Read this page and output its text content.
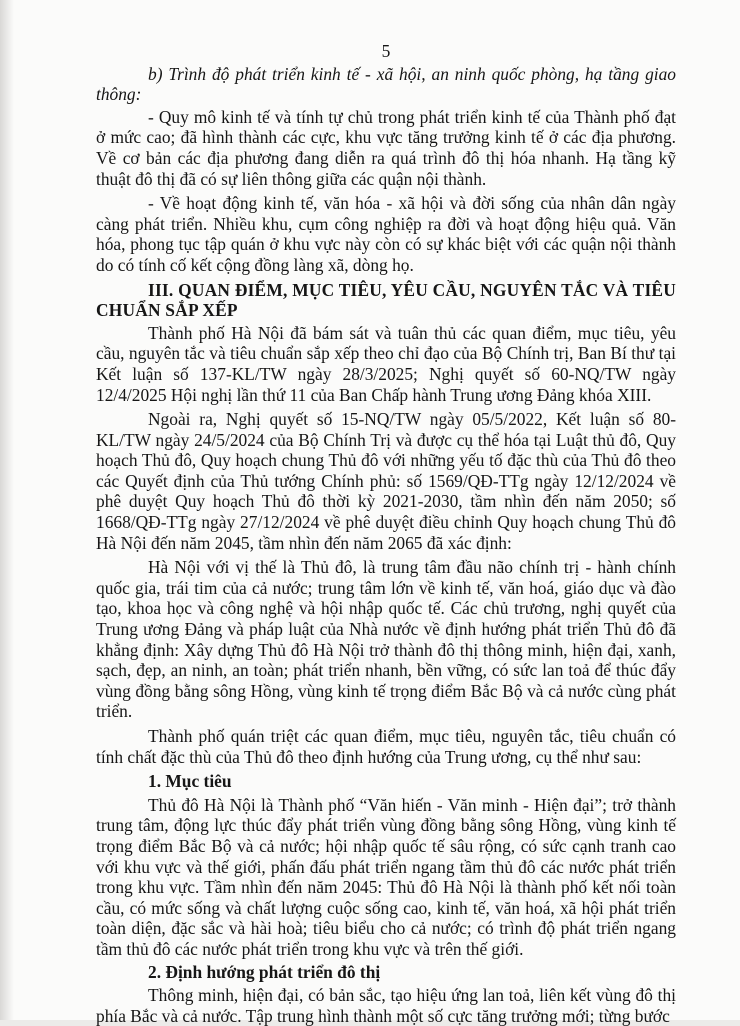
5

b) Trình độ phát triển kinh tế - xã hội, an ninh quốc phòng, hạ tầng giao thông:

- Quy mô kinh tế và tính tự chủ trong phát triển kinh tế của Thành phố đạt ở mức cao; đã hình thành các cực, khu vực tăng trưởng kinh tế ở các địa phương. Về cơ bản các địa phương đang diễn ra quá trình đô thị hóa nhanh. Hạ tầng kỹ thuật đô thị đã có sự liên thông giữa các quận nội thành.

- Về hoạt động kinh tế, văn hóa - xã hội và đời sống của nhân dân ngày càng phát triển. Nhiều khu, cụm công nghiệp ra đời và hoạt động hiệu quả. Văn hóa, phong tục tập quán ở khu vực này còn có sự khác biệt với các quận nội thành do có tính cố kết cộng đồng làng xã, dòng họ.

III. QUAN ĐIỂM, MỤC TIÊU, YÊU CẦU, NGUYÊN TẮC VÀ TIÊU CHUẨN SẮP XẾP

Thành phố Hà Nội đã bám sát và tuân thủ các quan điểm, mục tiêu, yêu cầu, nguyên tắc và tiêu chuẩn sắp xếp theo chỉ đạo của Bộ Chính trị, Ban Bí thư tại Kết luận số 137-KL/TW ngày 28/3/2025; Nghị quyết số 60-NQ/TW ngày 12/4/2025 Hội nghị lần thứ 11 của Ban Chấp hành Trung ương Đảng khóa XIII.

Ngoài ra, Nghị quyết số 15-NQ/TW ngày 05/5/2022, Kết luận số 80-KL/TW ngày 24/5/2024 của Bộ Chính Trị và được cụ thể hóa tại Luật thủ đô, Quy hoạch Thủ đô, Quy hoạch chung Thủ đô với những yếu tố đặc thù của Thủ đô theo các Quyết định của Thủ tướng Chính phủ: số 1569/QĐ-TTg ngày 12/12/2024 về phê duyệt Quy hoạch Thủ đô thời kỳ 2021-2030, tầm nhìn đến năm 2050; số 1668/QĐ-TTg ngày 27/12/2024 về phê duyệt điều chỉnh Quy hoạch chung Thủ đô Hà Nội đến năm 2045, tầm nhìn đến năm 2065 đã xác định:

Hà Nội với vị thế là Thủ đô, là trung tâm đầu não chính trị - hành chính quốc gia, trái tim của cả nước; trung tâm lớn về kinh tế, văn hoá, giáo dục và đào tạo, khoa học và công nghệ và hội nhập quốc tế. Các chủ trương, nghị quyết của Trung ương Đảng và pháp luật của Nhà nước về định hướng phát triển Thủ đô đã khẳng định: Xây dựng Thủ đô Hà Nội trở thành đô thị thông minh, hiện đại, xanh, sạch, đẹp, an ninh, an toàn; phát triển nhanh, bền vững, có sức lan toả để thúc đẩy vùng đồng bằng sông Hồng, vùng kinh tế trọng điểm Bắc Bộ và cả nước cùng phát triển.

Thành phố quán triệt các quan điểm, mục tiêu, nguyên tắc, tiêu chuẩn có tính chất đặc thù của Thủ đô theo định hướng của Trung ương, cụ thể như sau:

1. Mục tiêu

Thủ đô Hà Nội là Thành phố “Văn hiến - Văn minh - Hiện đại”; trở thành trung tâm, động lực thúc đẩy phát triển vùng đồng bằng sông Hồng, vùng kinh tế trọng điểm Bắc Bộ và cả nước; hội nhập quốc tế sâu rộng, có sức cạnh tranh cao với khu vực và thế giới, phấn đấu phát triển ngang tầm thủ đô các nước phát triển trong khu vực. Tầm nhìn đến năm 2045: Thủ đô Hà Nội là thành phố kết nối toàn cầu, có mức sống và chất lượng cuộc sống cao, kinh tế, văn hoá, xã hội phát triển toàn diện, đặc sắc và hài hoà; tiêu biểu cho cả nước; có trình độ phát triển ngang tầm thủ đô các nước phát triển trong khu vực và trên thế giới.

2. Định hướng phát triển đô thị

Thông minh, hiện đại, có bản sắc, tạo hiệu ứng lan toả, liên kết vùng đô thị phía Bắc và cả nước. Tập trung hình thành một số cực tăng trưởng mới; từng bước
